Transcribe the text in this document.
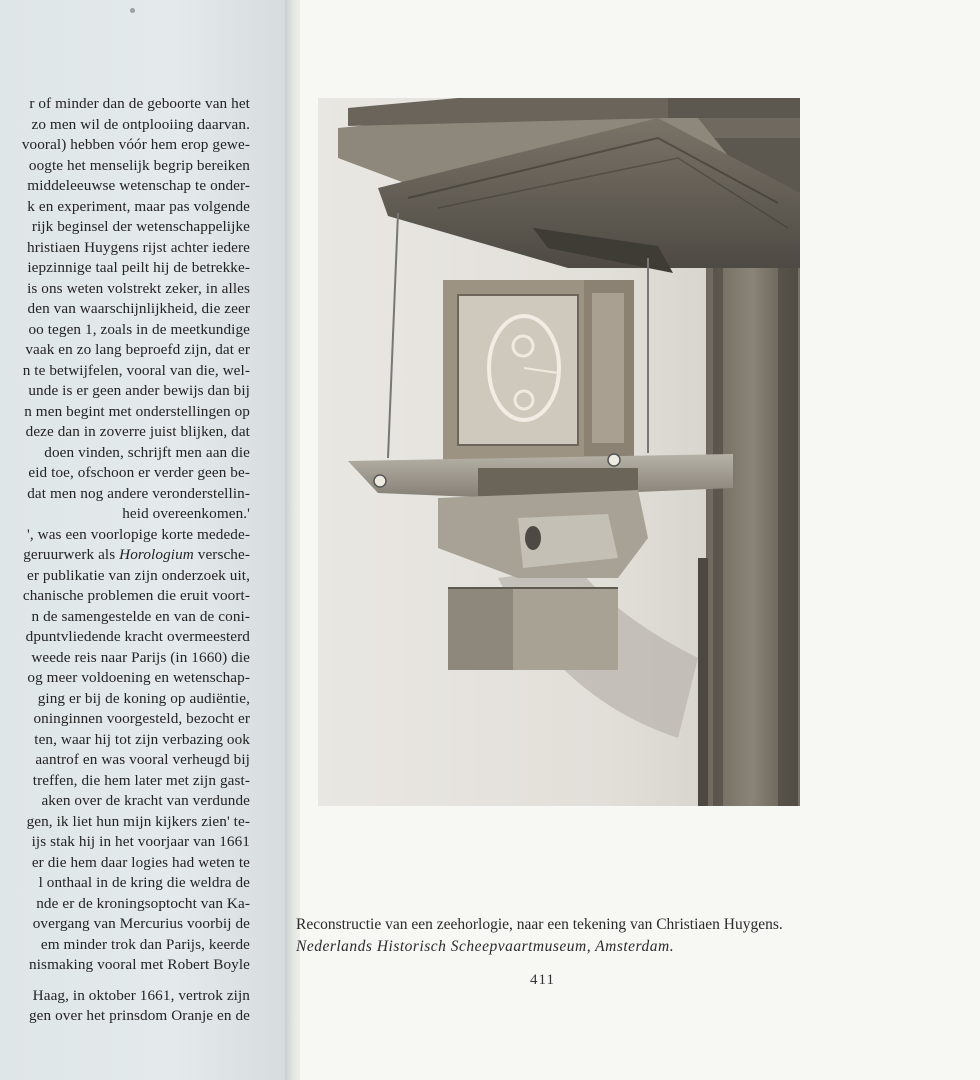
r of minder dan de geboorte van het
zo men wil de ontplooiing daarvan.
vooral) hebben vóór hem erop gewe-
oogte het menselijk begrip bereiken
middeleeuwse wetenschap te onder-
k en experiment, maar pas volgende
rijk beginsel der wetenschappelijke
hristiaen Huygens rijst achter iedere
iepzinnige taal peilt hij de betrekke-
is ons weten volstrekt zeker, in alles
den van waarschijnlijkheid, die zeer
oo tegen 1, zoals in de meetkundige
vaak en zo lang beproefd zijn, dat er
n te betwijfelen, vooral van die, wel-
unde is er geen ander bewijs dan bij
n men begint met onderstellingen op
deze dan in zoverre juist blijken, dat
doen vinden, schrijft men aan die
eid toe, ofschoon er verder geen be-
dat men nog andere veronderstellin-
heid overeenkomen.'
', was een voorlopige korte medede-
geruurwerk als Horologium versche-
er publikatie van zijn onderzoek uit,
chanische problemen die eruit voort-
n de samengestelde en van de coni-
dpuntvliedende kracht overmeesterd
weede reis naar Parijs (in 1660) die
og meer voldoening en wetenschap-
ging er bij de koning op audiëntie,
oninginnen voorgesteld, bezocht er
ten, waar hij tot zijn verbazing ook
aantrof en was vooral verheugd bij
treffen, die hem later met zijn gast-
aken over de kracht van verdunde
gen, ik liet hun mijn kijkers zien' te-
ijs stak hij in het voorjaar van 1661
er die hem daar logies had weten te
l onthaal in de kring die weldra de
nde er de kroningsoptocht van Ka-
overgang van Mercurius voorbij de
em minder trok dan Parijs, keerde
nismaking vooral met Robert Boyle
Haag, in oktober 1661, vertrok zijn
gen over het prinsdom Oranje en de
Reconstructie van een zeehorlogie, naar een tekening van Christiaen Huygens.
Nederlands Historisch Scheepvaartmuseum, Amsterdam.
411
